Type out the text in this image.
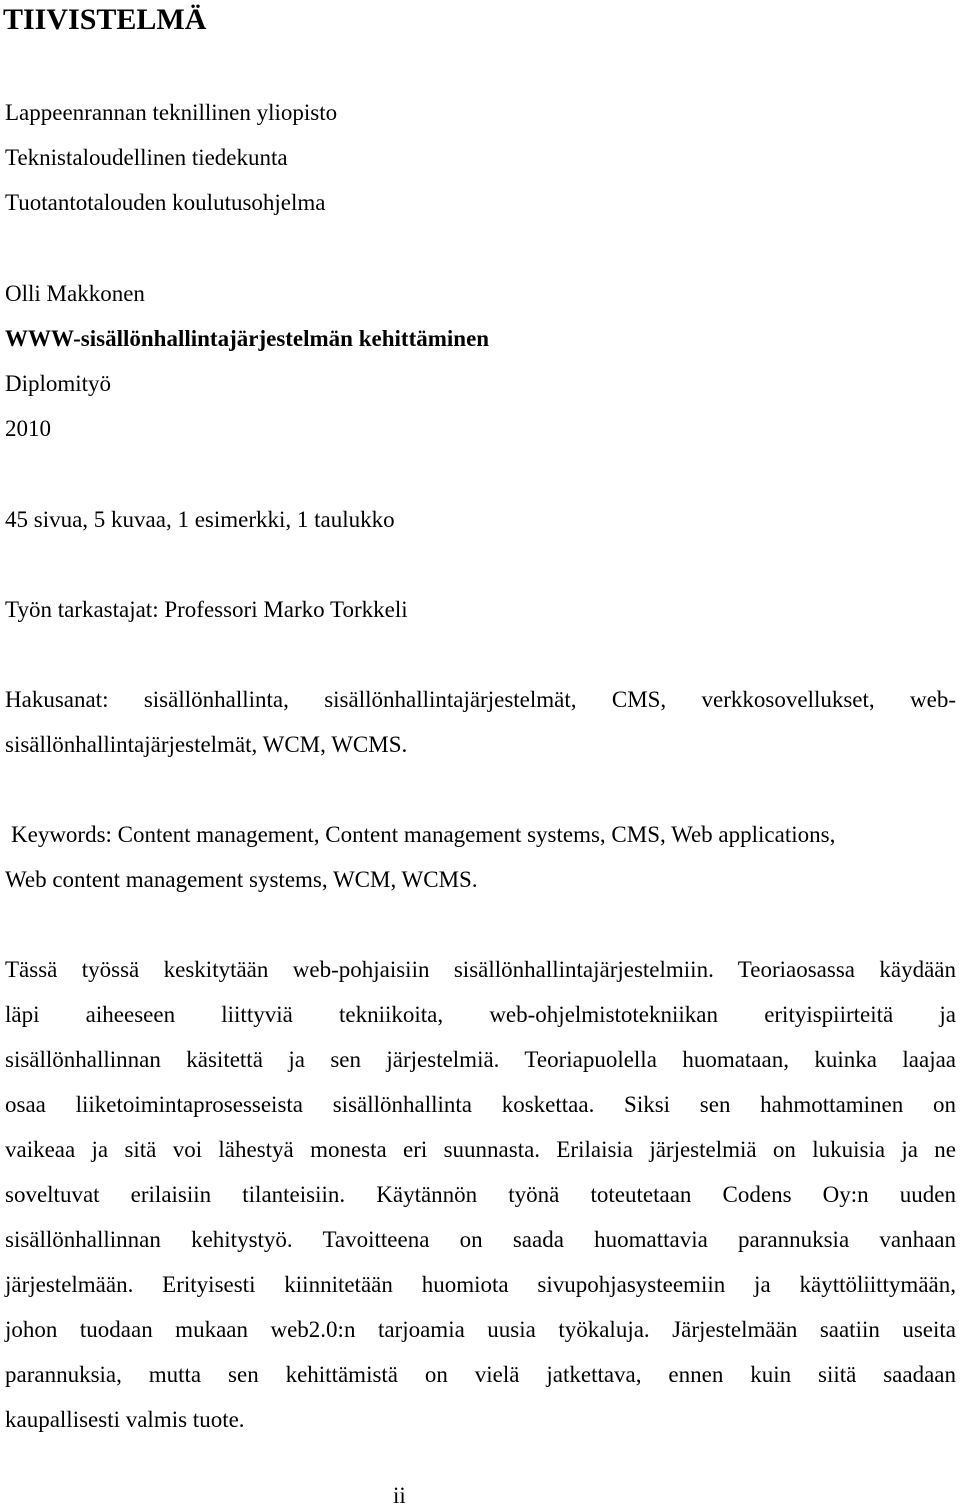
TIIVISTELMÄ
Lappeenrannan teknillinen yliopisto
Teknistaloudellinen tiedekunta
Tuotantotalouden koulutusohjelma
Olli Makkonen
WWW-sisällönhallintajärjestelmän kehittäminen
Diplomityö
2010
45 sivua, 5 kuvaa, 1 esimerkki, 1 taulukko
Työn tarkastajat: Professori Marko Torkkeli
Hakusanat: sisällönhallinta, sisällönhallintajärjestelmät, CMS, verkkosovellukset, web-
sisällönhallintajärjestelmät, WCM, WCMS.
Keywords: Content management, Content management systems, CMS, Web applications,
Web content management systems, WCM, WCMS.
Tässä työssä keskitytään web-pohjaisiin sisällönhallintajärjestelmiin. Teoriaosassa käydään
läpi aiheeseen liittyviä tekniikoita, web-ohjelmistotekniikan erityispiirteitä ja
sisällönhallinnan käsitettä ja sen järjestelmiä. Teoriapuolella huomataan, kuinka laajaa
osaa liiketoimintaprosesseista sisällönhallinta koskettaa. Siksi sen hahmottaminen on
vaikeaa ja sitä voi lähestyä monesta eri suunnasta. Erilaisia järjestelmiä on lukuisia ja ne
soveltuvat erilaisiin tilanteisiin. Käytännön työnä toteutetaan Codens Oy:n uuden
sisällönhallinnan kehitystyö. Tavoitteena on saada huomattavia parannuksia vanhaan
järjestelmään. Erityisesti kiinnitetään huomiota sivupohjasysteemiin ja käyttöliittymään,
johon tuodaan mukaan web2.0:n tarjoamia uusia työkaluja. Järjestelmään saatiin useita
parannuksia, mutta sen kehittämistä on vielä jatkettava, ennen kuin siitä saadaan
kaupallisesti valmis tuote.
ii
